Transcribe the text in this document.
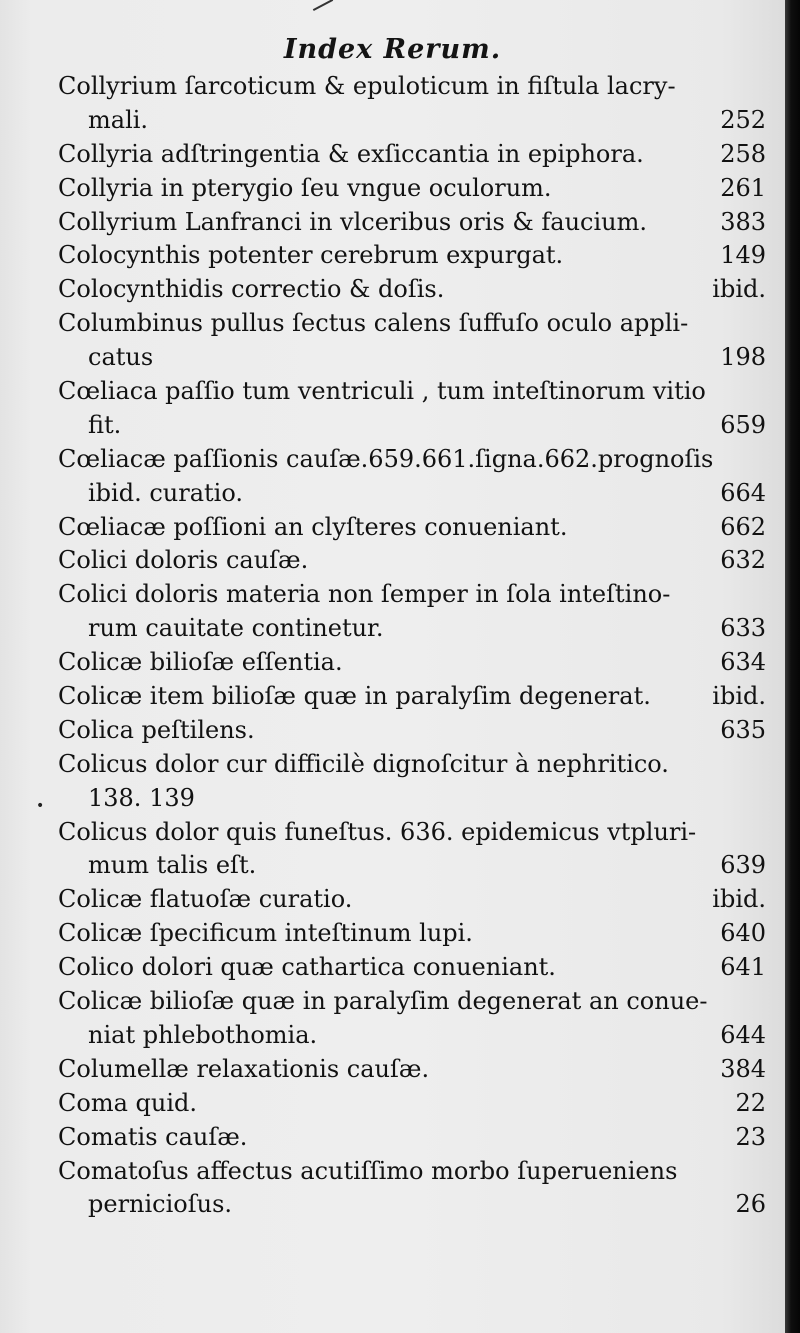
Index Rerum.
•
Collyrium ſarcoticum & epuloticum in fiſtula lacry-
mali.	252
Collyria adſtringentia & exſiccantia in epiphora.	258
Collyria in pterygio ſeu vngue oculorum.	261
Collyrium Lanfranci in vlceribus oris & faucium.	383
Colocynthis potenter cerebrum expurgat.	149
Colocynthidis correctio & doſis.	ibid.
Columbinus pullus ſectus calens ſuffuſo oculo appli-
catus	198
Cœliaca paſſio tum ventriculi , tum inteſtinorum vitio
fit.	659
Cœliacæ paſſionis cauſæ.659.661.ſigna.662.prognoſis
ibid. curatio.	664
Cœliacæ poſſioni an clyſteres conueniant.	662
Colici doloris cauſæ.	632
Colici doloris materia non ſemper in ſola inteſtino-
rum cauitate continetur.	633
Colicæ bilioſæ eſſentia.	634
Colicæ item bilioſæ quæ in paralyſim degenerat.	ibid.
Colica peſtilens.	635
Colicus dolor cur difficilè dignoſcitur à nephritico.
138. 139
Colicus dolor quis funeſtus. 636. epidemicus vtpluri-
mum talis eſt.	639
Colicæ flatuoſæ curatio.	ibid.
Colicæ ſpecificum inteſtinum lupi.	640
Colico dolori quæ cathartica conueniant.	641
Colicæ bilioſæ quæ in paralyſim degenerat an conue-
niat phlebothomia.	644
Columellæ relaxationis cauſæ.	384
Coma quid.	22
Comatis cauſæ.	23
Comatoſus affectus acutiſſimo morbo ſuperueniens
pernicioſus.	26
